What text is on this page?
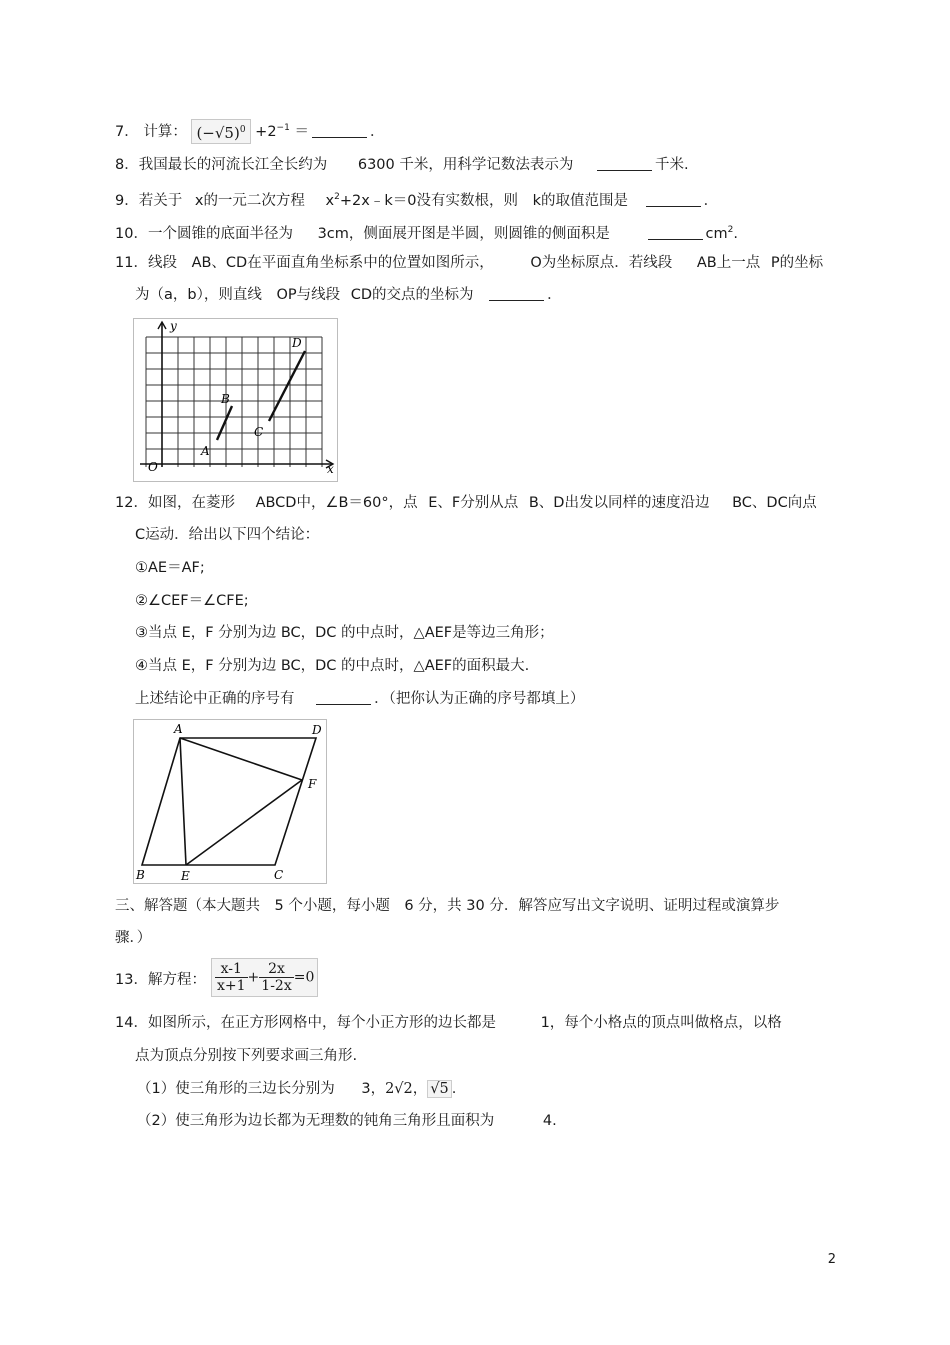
7． 计算： $(-√5)^0 +2^{-1}$ ＝	．
8．我国最长的河流长江全长约为 6300 千米，用科学记数法表示为	千米.
9．若关于 x的一元二次方程 $x^2+2x﹣k=0$没有实数根，则 k的取值范围是	．
10．一个圆锥的底面半径为 3cm，侧面展开图是半圆，则圆锥的侧面积是	$cm^2$.
11．线段 AB、CD在平面直角坐标系中的位置如图所示，	O为坐标原点．若线段 AB上一点 P的坐标
为（a，b），则直线 OP与线段 CD的交点的坐标为	．
y
x
O
A
B
C
D
12．如图，在菱形 ABCD中，∠B＝60°，点 E、F分别从点 B、D出发以同样的速度沿边 BC、DC向点
C运动．给出以下四个结论：
①AE＝AF;
②∠CEF＝∠CFE;
③当点 E，F 分别为边 BC，DC 的中点时，△AEF是等边三角形；
④当点 E，F 分别为边 BC，DC 的中点时，△AEF的面积最大.
上述结论中正确的序号有	．（把你认为正确的序号都填上）
A	D
F
B	E	C
三、解答题（本大题共　5 个小题，每小题　6 分，共 30 分．解答应写出文字说明、证明过程或演算步
骤．）
13．解方程： $\frac{x-1}{x+1} + \frac{2x}{1-2x} =0$
14．如图所示，在正方形网格中，每个小正方形的边长都是	1，每个小格点的顶点叫做格点，以格
点为顶点分别按下列要求画三角形.
（1）使三角形的三边长分别为 3，2√2， √5 .
（2）使三角形为边长都为无理数的钝角三角形且面积为	4.
2
